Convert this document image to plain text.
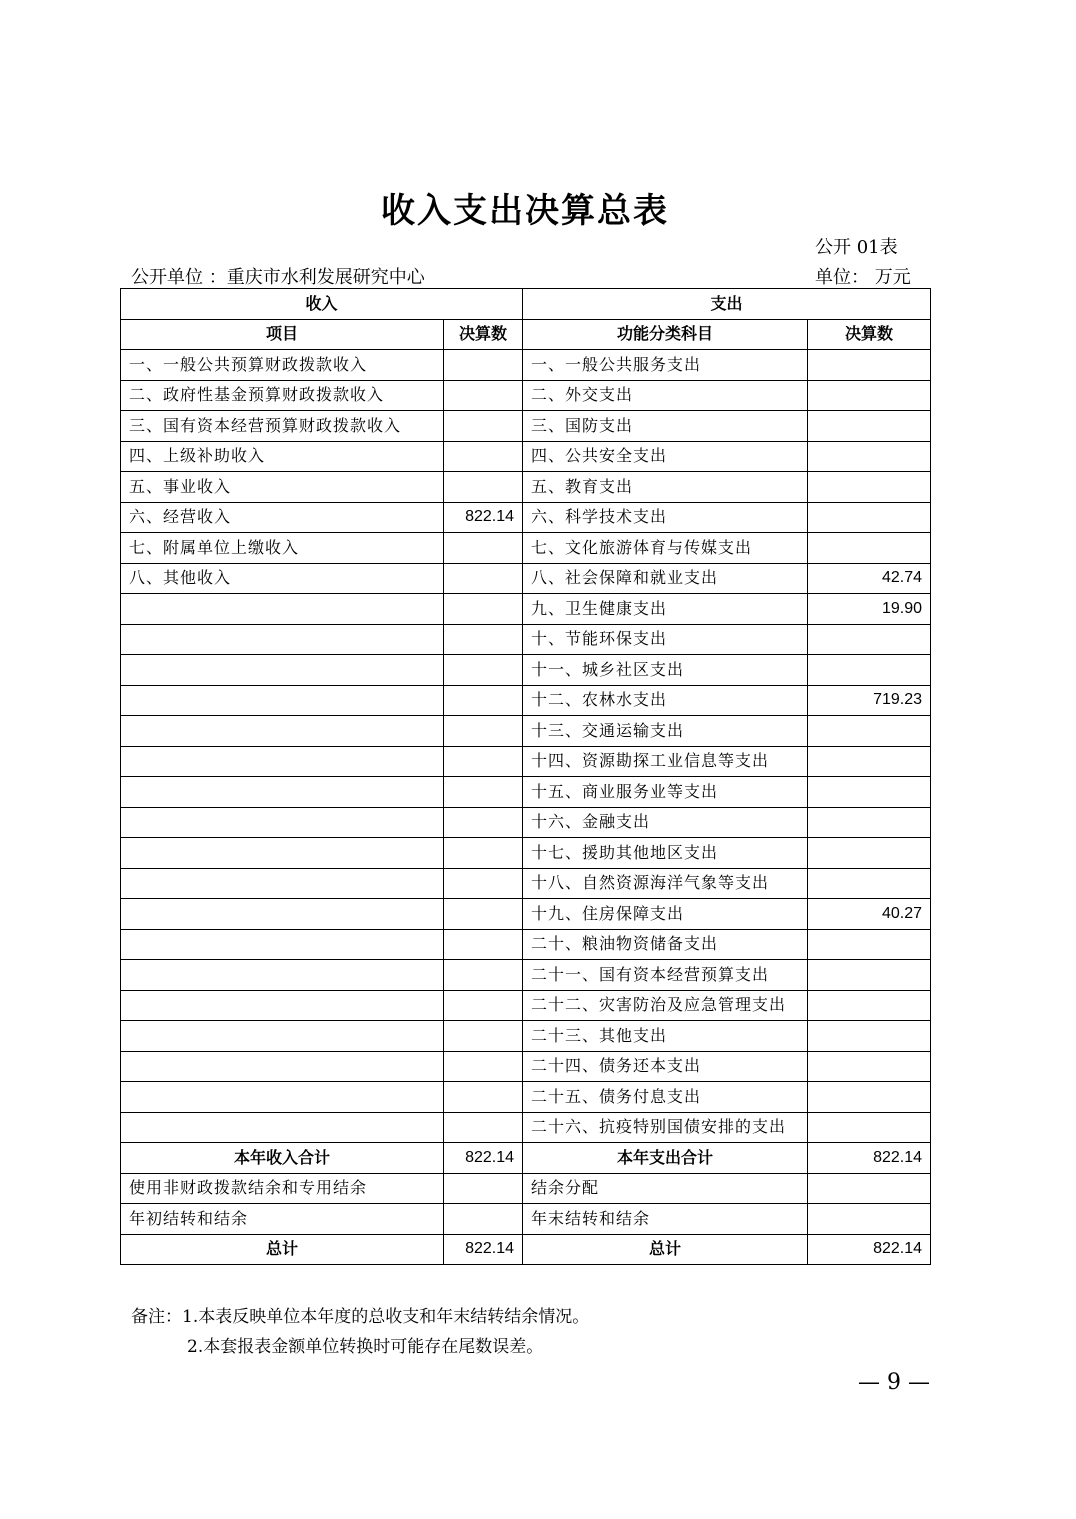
收入支出决算总表
公开 01表
公开单位 ：重庆市水利发展研究中心	单位： 万元
收入		支出	
项目	决算数	功能分类科目	决算数
一、一般公共预算财政拨款收入		一、一般公共服务支出	
二、政府性基金预算财政拨款收入		二、外交支出	
三、国有资本经营预算财政拨款收入		三、国防支出	
四、上级补助收入		四、公共安全支出	
五、事业收入		五、教育支出	
六、经营收入	822.14	六、科学技术支出	
七、附属单位上缴收入		七、文化旅游体育与传媒支出	
八、其他收入		八、社会保障和就业支出	42.74
		九、卫生健康支出	19.90
		十、节能环保支出	
		十一、城乡社区支出	
		十二、农林水支出	719.23
		十三、交通运输支出	
		十四、资源勘探工业信息等支出	
		十五、商业服务业等支出	
		十六、金融支出	
		十七、援助其他地区支出	
		十八、自然资源海洋气象等支出	
		十九、住房保障支出	40.27
		二十、粮油物资储备支出	
		二十一、国有资本经营预算支出	
		二十二、灾害防治及应急管理支出	
		二十三、其他支出	
		二十四、债务还本支出	
		二十五、债务付息支出	
		二十六、抗疫特别国债安排的支出	
本年收入合计	822.14	本年支出合计	822.14
使用非财政拨款结余和专用结余		结余分配	
年初结转和结余		年末结转和结余	
总计	822.14	总计	822.14
备注：1.本表反映单位本年度的总收支和年末结转结余情况。
2.本套报表金额单位转换时可能存在尾数误差。
— 9 —
